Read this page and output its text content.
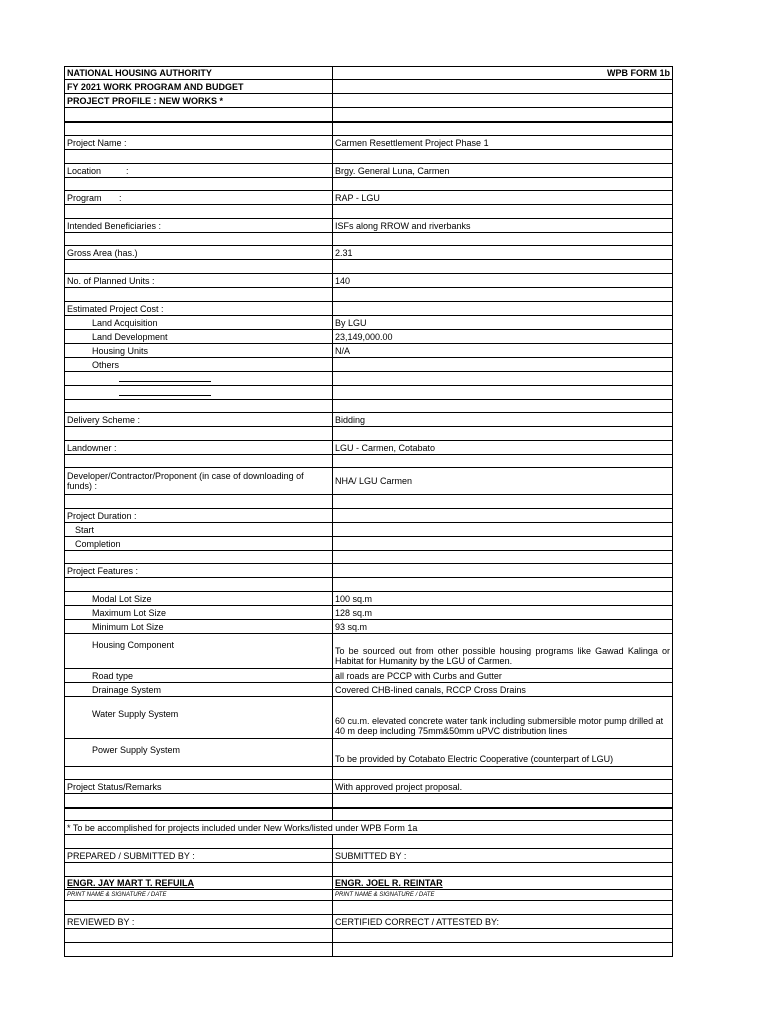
NATIONAL HOUSING AUTHORITY	WPB FORM 1b
FY 2021 WORK PROGRAM AND BUDGET	
PROJECT PROFILE : NEW WORKS *	

Project Name :	Carmen Resettlement Project Phase 1

Location          :	Brgy. General Luna, Carmen

Program       :	RAP - LGU

Intended Beneficiaries :	ISFs along RROW and riverbanks

Gross Area (has.)	2.31

No. of Planned Units :	140

Estimated Project Cost :	
Land Acquisition	By LGU
Land Development	23,149,000.00
Housing Units	N/A
Others	

Delivery Scheme :	Bidding

Landowner :	LGU - Carmen, Cotabato

Developer/Contractor/Proponent (in case of downloading of funds) :	NHA/ LGU Carmen

Project Duration :	
Start	
Completion	

Project Features :	

Modal Lot Size	100 sq.m
Maximum Lot Size	128 sq.m
Minimum Lot Size	93 sq.m
Housing Component	To be sourced out from other possible housing programs like Gawad Kalinga or Habitat for Humanity by the LGU of Carmen.
Road type	all roads are PCCP with Curbs and Gutter
Drainage System	Covered CHB-lined canals, RCCP Cross Drains
Water Supply System	60 cu.m. elevated concrete water tank including submersible motor pump drilled at 40 m deep including 75mm&50mm uPVC distribution lines
Power Supply System	To be provided by Cotabato Electric Cooperative (counterpart of LGU)

Project Status/Remarks	With approved project proposal.

* To be accomplished for projects included under New Works/listed under WPB Form 1a	

PREPARED / SUBMITTED BY :	SUBMITTED BY :

ENGR. JAY MART T. REFUILA	ENGR. JOEL R. REINTAR
PRINT NAME & SIGNATURE / DATE	PRINT NAME & SIGNATURE / DATE

REVIEWED BY :	CERTIFIED CORRECT / ATTESTED BY:
